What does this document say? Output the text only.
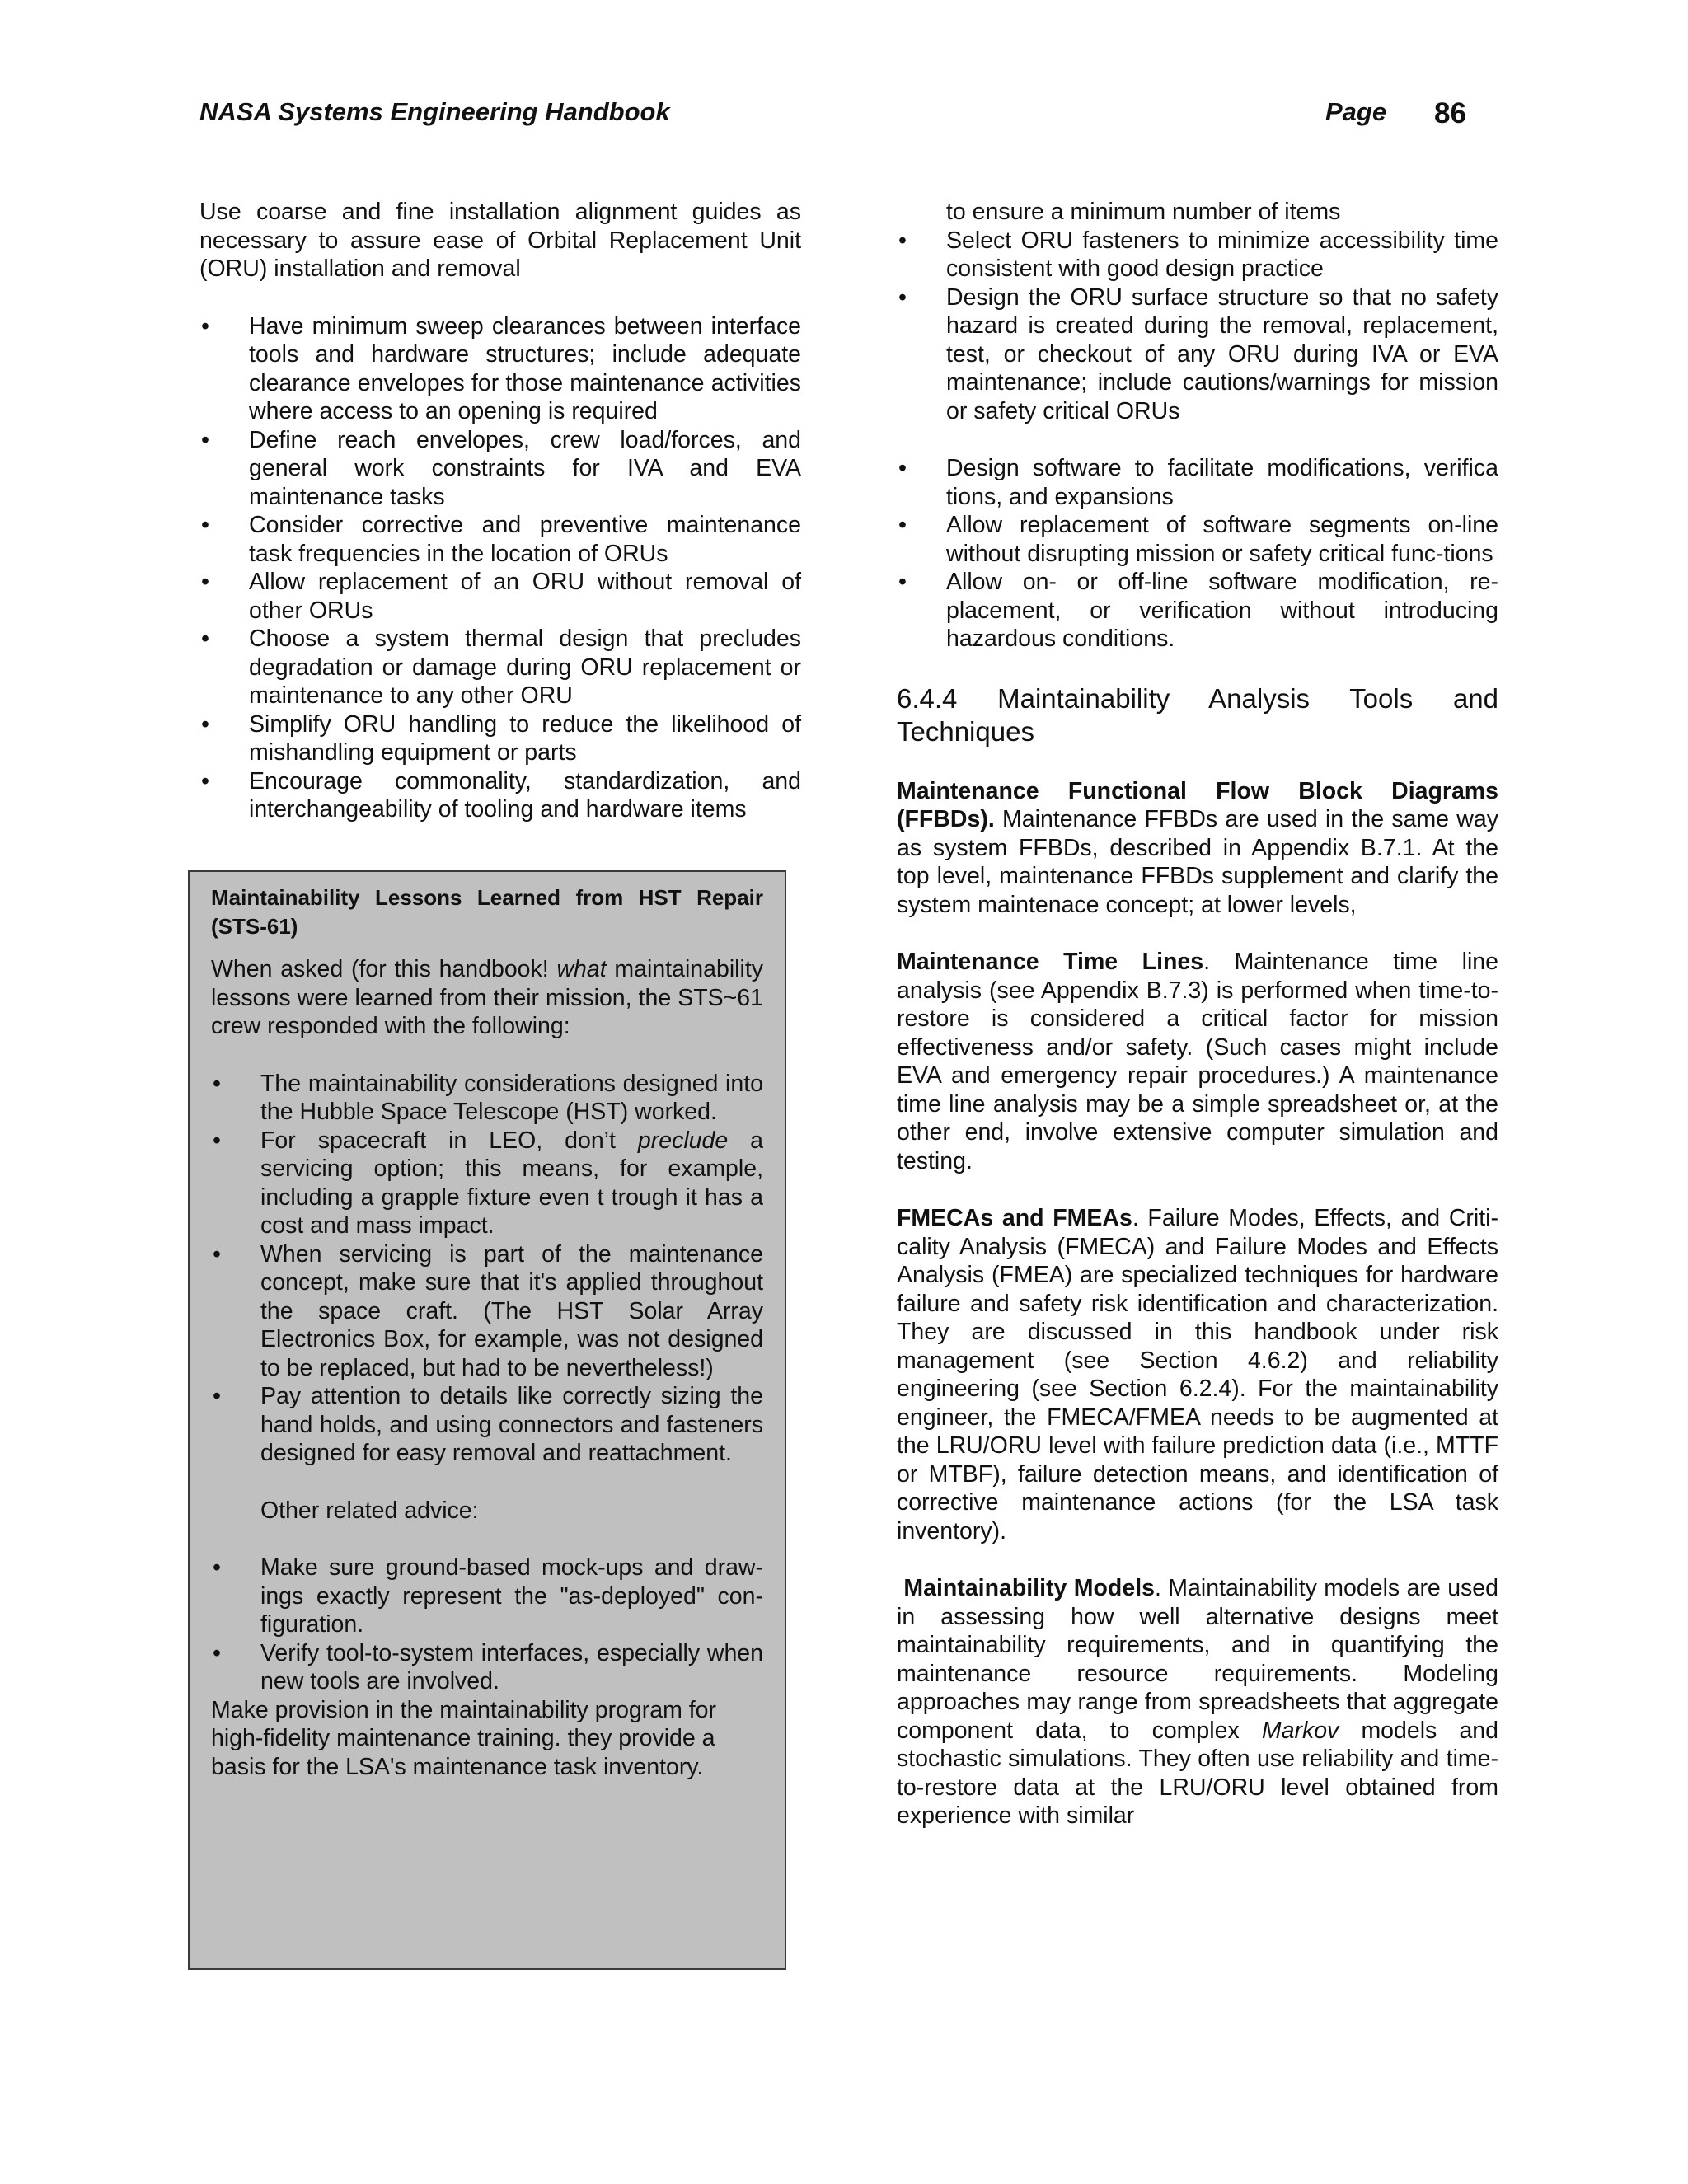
NASA Systems Engineering Handbook	Page 86

Use coarse and fine installation alignment guides as necessary to assure ease of Orbital Replacement Unit (ORU) installation and removal

• Have minimum sweep clearances between interface tools and hardware structures; include adequate clearance envelopes for those maintenance activities where access to an opening is required
• Define reach envelopes, crew load/forces, and general work constraints for IVA and EVA maintenance tasks
• Consider corrective and preventive maintenance task frequencies in the location of ORUs
• Allow replacement of an ORU without removal of other ORUs
• Choose a system thermal design that precludes degradation or damage during ORU replacement or maintenance to any other ORU
• Simplify ORU handling to reduce the likelihood of mishandling equipment or parts
• Encourage commonality, standardization, and interchangeability of tooling and hardware items
Maintainability Lessons Learned from HST Repair (STS-61)

When asked (for this handbook! what maintainability lessons were learned from their mission, the STS~61 crew responded with the following:

• The maintainability considerations designed into the Hubble Space Telescope (HST) worked.
• For spacecraft in LEO, don’t preclude a servicing option; this means, for example, including a grapple fixture even t trough it has a cost and mass impact.
• When servicing is part of the maintenance concept, make sure that it's applied throughout the space craft. (The HST Solar Array Electronics Box, for example, was not designed to be replaced, but had to be nevertheless!)
• Pay attention to details like correctly sizing the hand holds, and using connectors and fasteners designed for easy removal and reattachment.

Other related advice:

• Make sure ground-based mock-ups and draw-ings exactly represent the "as-deployed" con-figuration.
• Verify tool-to-system interfaces, especially when new tools are involved.

Make provision in the maintainability program for high-fidelity maintenance training. they provide a basis for the LSA's maintenance task inventory.

to ensure a minimum number of items

• Select ORU fasteners to minimize accessibility time consistent with good design practice
• Design the ORU surface structure so that no safety hazard is created during the removal, replacement, test, or checkout of any ORU during IVA or EVA maintenance; include cautions/warnings for mission or safety critical ORUs
• Design software to facilitate modifications, verifica tions, and expansions
• Allow replacement of software segments on-line without disrupting mission or safety critical func-tions
• Allow on- or off-line software modification, re-placement, or verification without introducing hazardous conditions.

6.4.4 Maintainability Analysis Tools and Techniques

Maintenance Functional Flow Block Diagrams (FFBDs). Maintenance FFBDs are used in the same way as system FFBDs, described in Appendix B.7.1. At the top level, maintenance FFBDs supplement and clarify the system maintenace concept; at lower levels,

Maintenance Time Lines. Maintenance time line analysis (see Appendix B.7.3) is performed when time-to-restore is considered a critical factor for mission effectiveness and/or safety. (Such cases might include EVA and emergency repair procedures.) A maintenance time line analysis may be a simple spreadsheet or, at the other end, involve extensive computer simulation and testing.

FMECAs and FMEAs. Failure Modes, Effects, and Criti-cality Analysis (FMECA) and Failure Modes and Effects Analysis (FMEA) are specialized techniques for hardware failure and safety risk identification and characterization. They are discussed in this handbook under risk management (see Section 4.6.2) and reliability engineering (see Section 6.2.4). For the maintainability engineer, the FMECA/FMEA needs to be augmented at the LRU/ORU level with failure prediction data (i.e., MTTF or MTBF), failure detection means, and identification of corrective maintenance actions (for the LSA task inventory).

Maintainability Models. Maintainability models are used in assessing how well alternative designs meet maintainability requirements, and in quantifying the maintenance resource requirements. Modeling approaches may range from spreadsheets that aggregate component data, to complex Markov models and stochastic simulations. They often use reliability and time-to-restore data at the LRU/ORU level obtained from experience with similar
